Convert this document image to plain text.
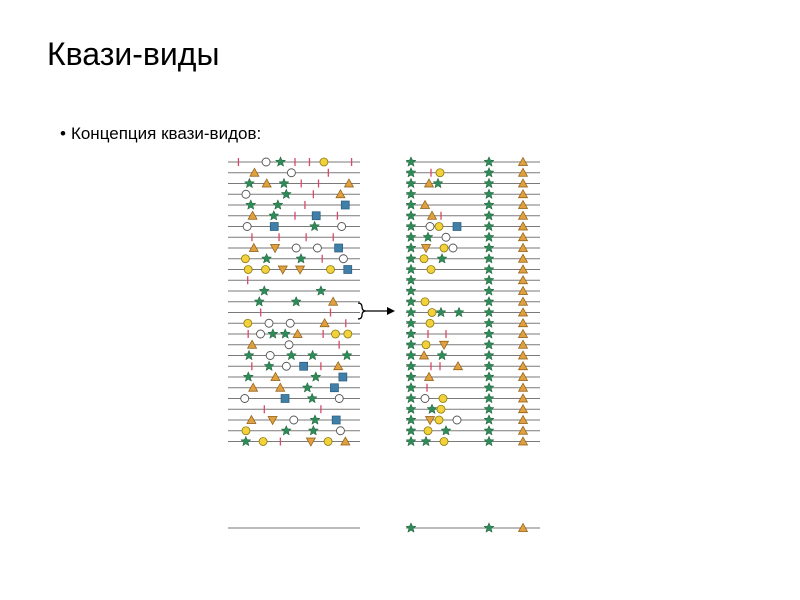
Квази-виды
• Концепция квази-видов:
